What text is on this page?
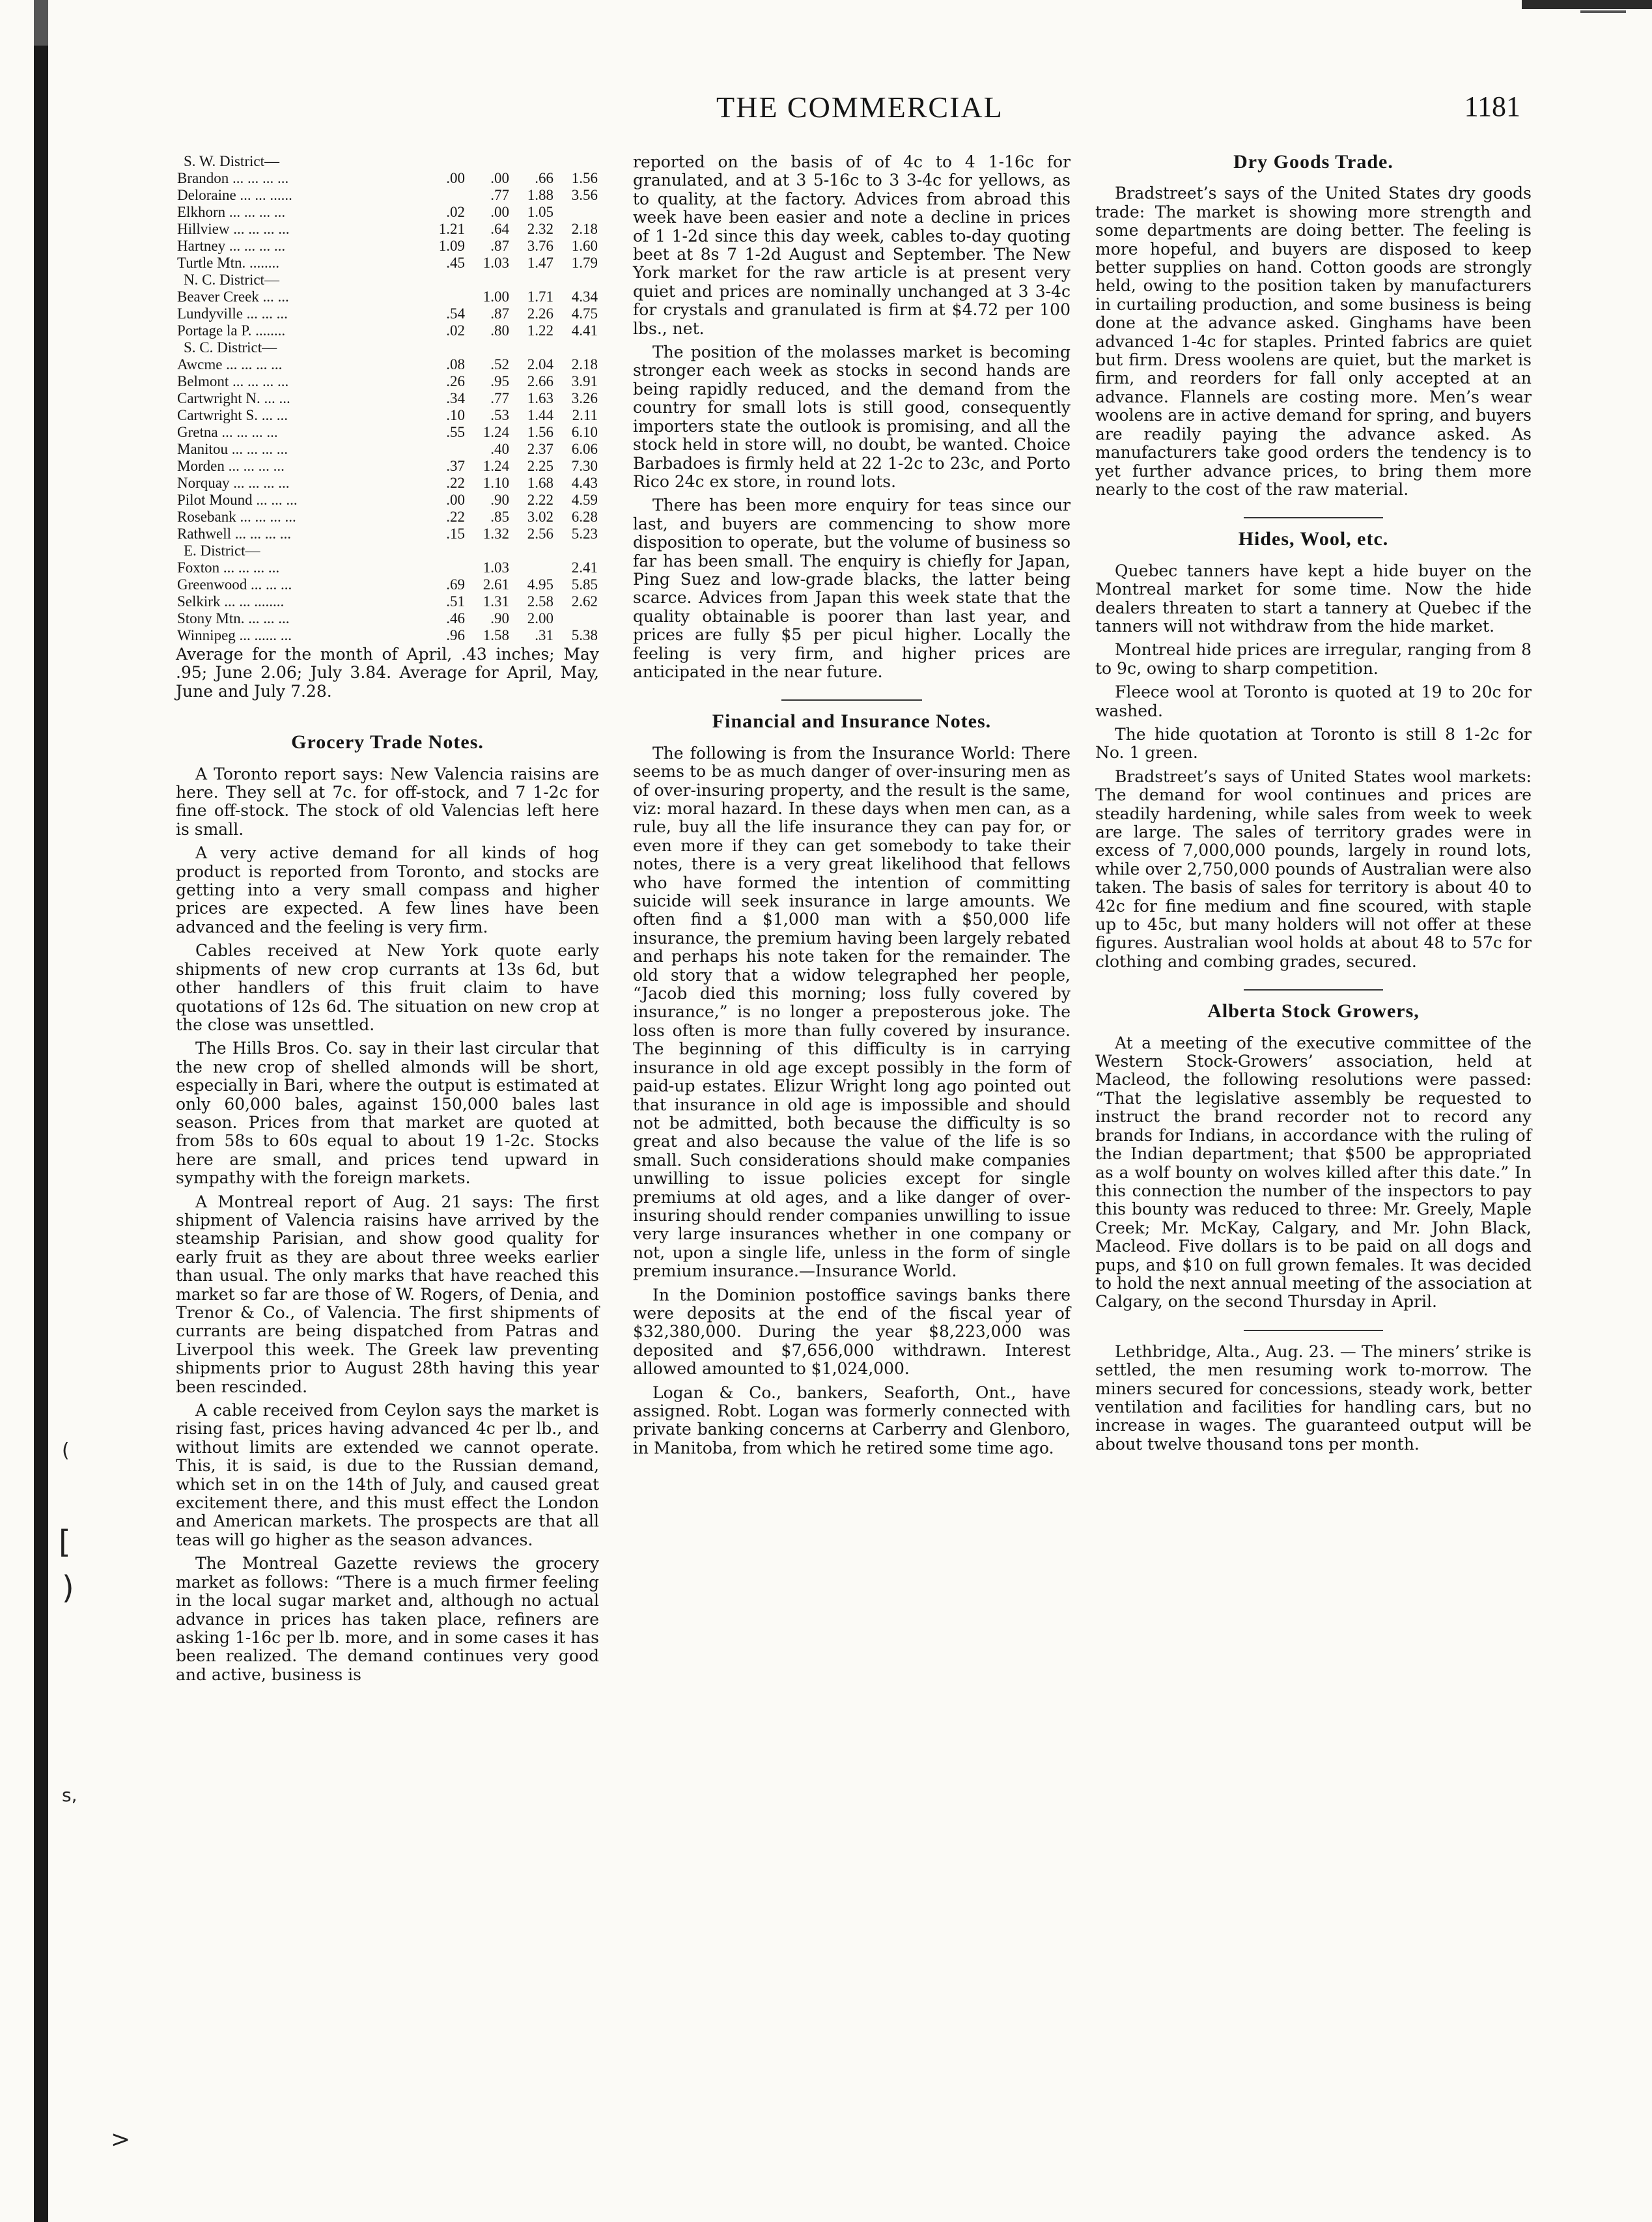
(
[
)
s,
>
THE COMMERCIAL	1181
S. W. District—				
Brandon ... ... ... ...	.00	.00	.66	1.56
Deloraine ... ... ......		.77	1.88	3.56
Elkhorn ... ... ... ...	.02	.00	1.05	
Hillview ... ... ... ...	1.21	.64	2.32	2.18
Hartney ... ... ... ...	1.09	.87	3.76	1.60
Turtle Mtn. ........	.45	1.03	1.47	1.79
N. C. District—				
Beaver Creek ... ...		1.00	1.71	4.34
Lundyville ... ... ...	.54	.87	2.26	4.75
Portage la P. ........	.02	.80	1.22	4.41
S. C. District—				
Awcme ... ... ... ...	.08	.52	2.04	2.18
Belmont ... ... ... ...	.26	.95	2.66	3.91
Cartwright N. ... ...	.34	.77	1.63	3.26
Cartwright S. ... ...	.10	.53	1.44	2.11
Gretna ... ... ... ...	.55	1.24	1.56	6.10
Manitou ... ... ... ...		.40	2.37	6.06
Morden ... ... ... ...	.37	1.24	2.25	7.30
Norquay ... ... ... ...	.22	1.10	1.68	4.43
Pilot Mound ... ... ...	.00	.90	2.22	4.59
Rosebank ... ... ... ...	.22	.85	3.02	6.28
Rathwell ... ... ... ...	.15	1.32	2.56	5.23
E. District—				
Foxton ... ... ... ...		1.03		2.41
Greenwood ... ... ...	.69	2.61	4.95	5.85
Selkirk ... ... ........	.51	1.31	2.58	2.62
Stony Mtn. ... ... ...	.46	.90	2.00	
Winnipeg ... ...... ...	.96	1.58	.31	5.38

Average for the month of April, .43 inches; May .95; June 2.06; July 3.84. Average for April, May, June and July 7.28.

Grocery Trade Notes.

A Toronto report says: New Valencia raisins are here. They sell at 7c. for off-stock, and 7 1-2c for fine off-stock. The stock of old Valencias left here is small.

A very active demand for all kinds of hog product is reported from Toronto, and stocks are getting into a very small compass and higher prices are expected. A few lines have been advanced and the feeling is very firm.

Cables received at New York quote early shipments of new crop currants at 13s 6d, but other handlers of this fruit claim to have quotations of 12s 6d. The situation on new crop at the close was unsettled.

The Hills Bros. Co. say in their last circular that the new crop of shelled almonds will be short, especially in Bari, where the output is estimated at only 60,000 bales, against 150,000 bales last season. Prices from that market are quoted at from 58s to 60s equal to about 19 1-2c. Stocks here are small, and prices tend upward in sympathy with the foreign markets.

A Montreal report of Aug. 21 says: The first shipment of Valencia raisins have arrived by the steamship Parisian, and show good quality for early fruit as they are about three weeks earlier than usual. The only marks that have reached this market so far are those of W. Rogers, of Denia, and Trenor & Co., of Valencia. The first shipments of currants are being dispatched from Patras and Liverpool this week. The Greek law preventing shipments prior to August 28th having this year been rescinded.

A cable received from Ceylon says the market is rising fast, prices having advanced 4c per lb., and without limits are extended we cannot operate. This, it is said, is due to the Russian demand, which set in on the 14th of July, and caused great excitement there, and this must effect the London and American markets. The prospects are that all teas will go higher as the season advances.

The Montreal Gazette reviews the grocery market as follows: “There is a much firmer feeling in the local sugar market and, although no actual advance in prices has taken place, refiners are asking 1-16c per lb. more, and in some cases it has been realized. The demand continues very good and active, business is

reported on the basis of of 4c to 4 1-16c for granulated, and at 3 5-16c to 3 3-4c for yellows, as to quality, at the factory. Advices from abroad this week have been easier and note a decline in prices of 1 1-2d since this day week, cables to-day quoting beet at 8s 7 1-2d August and September. The New York market for the raw article is at present very quiet and prices are nominally unchanged at 3 3-4c for crystals and granulated is firm at $4.72 per 100 lbs., net.

The position of the molasses market is becoming stronger each week as stocks in second hands are being rapidly reduced, and the demand from the country for small lots is still good, consequently importers state the outlook is promising, and all the stock held in store will, no doubt, be wanted. Choice Barbadoes is firmly held at 22 1-2c to 23c, and Porto Rico 24c ex store, in round lots.

There has been more enquiry for teas since our last, and buyers are commencing to show more disposition to operate, but the volume of business so far has been small. The enquiry is chiefly for Japan, Ping Suez and low-grade blacks, the latter being scarce. Advices from Japan this week state that the quality obtainable is poorer than last year, and prices are fully $5 per picul higher. Locally the feeling is very firm, and higher prices are anticipated in the near future.

Financial and Insurance Notes.

The following is from the Insurance World: There seems to be as much danger of over-insuring men as of over-insuring property, and the result is the same, viz: moral hazard. In these days when men can, as a rule, buy all the life insurance they can pay for, or even more if they can get somebody to take their notes, there is a very great likelihood that fellows who have formed the intention of committing suicide will seek insurance in large amounts. We often find a $1,000 man with a $50,000 life insurance, the premium having been largely rebated and perhaps his note taken for the remainder. The old story that a widow telegraphed her people, “Jacob died this morning; loss fully covered by insurance,” is no longer a preposterous joke. The loss often is more than fully covered by insurance. The beginning of this difficulty is in carrying insurance in old age except possibly in the form of paid-up estates. Elizur Wright long ago pointed out that insurance in old age is impossible and should not be admitted, both because the difficulty is so great and also because the value of the life is so small. Such considerations should make companies unwilling to issue policies except for single premiums at old ages, and a like danger of over-insuring should render companies unwilling to issue very large insurances whether in one company or not, upon a single life, unless in the form of single premium insurance.—Insurance World.

In the Dominion postoffice savings banks there were deposits at the end of the fiscal year of $32,380,000. During the year $8,223,000 was deposited and $7,656,000 withdrawn. Interest allowed amounted to $1,024,000.

Logan & Co., bankers, Seaforth, Ont., have assigned. Robt. Logan was formerly connected with private banking concerns at Carberry and Glenboro, in Manitoba, from which he retired some time ago.

Dry Goods Trade.

Bradstreet’s says of the United States dry goods trade: The market is showing more strength and some departments are doing better. The feeling is more hopeful, and buyers are disposed to keep better supplies on hand. Cotton goods are strongly held, owing to the position taken by manufacturers in curtailing production, and some business is being done at the advance asked. Ginghams have been advanced 1-4c for staples. Printed fabrics are quiet but firm. Dress woolens are quiet, but the market is firm, and reorders for fall only accepted at an advance. Flannels are costing more. Men’s wear woolens are in active demand for spring, and buyers are readily paying the advance asked. As manufacturers take good orders the tendency is to yet further advance prices, to bring them more nearly to the cost of the raw material.

Hides, Wool, etc.

Quebec tanners have kept a hide buyer on the Montreal market for some time. Now the hide dealers threaten to start a tannery at Quebec if the tanners will not withdraw from the hide market.

Montreal hide prices are irregular, ranging from 8 to 9c, owing to sharp competition.

Fleece wool at Toronto is quoted at 19 to 20c for washed.

The hide quotation at Toronto is still 8 1-2c for No. 1 green.

Bradstreet’s says of United States wool markets: The demand for wool continues and prices are steadily hardening, while sales from week to week are large. The sales of territory grades were in excess of 7,000,000 pounds, largely in round lots, while over 2,750,000 pounds of Australian were also taken. The basis of sales for territory is about 40 to 42c for fine medium and fine scoured, with staple up to 45c, but many holders will not offer at these figures. Australian wool holds at about 48 to 57c for clothing and combing grades, secured.

Alberta Stock Growers,

At a meeting of the executive committee of the Western Stock-Growers’ association, held at Macleod, the following resolutions were passed: “That the legislative assembly be requested to instruct the brand recorder not to record any brands for Indians, in accordance with the ruling of the Indian department; that $500 be appropriated as a wolf bounty on wolves killed after this date.” In this connection the number of the inspectors to pay this bounty was reduced to three: Mr. Greely, Maple Creek; Mr. McKay, Calgary, and Mr. John Black, Macleod. Five dollars is to be paid on all dogs and pups, and $10 on full grown females. It was decided to hold the next annual meeting of the association at Calgary, on the second Thursday in April.

Lethbridge, Alta., Aug. 23. — The miners’ strike is settled, the men resuming work to-morrow. The miners secured for concessions, steady work, better ventilation and facilities for handling cars, but no increase in wages. The guaranteed output will be about twelve thousand tons per month.
